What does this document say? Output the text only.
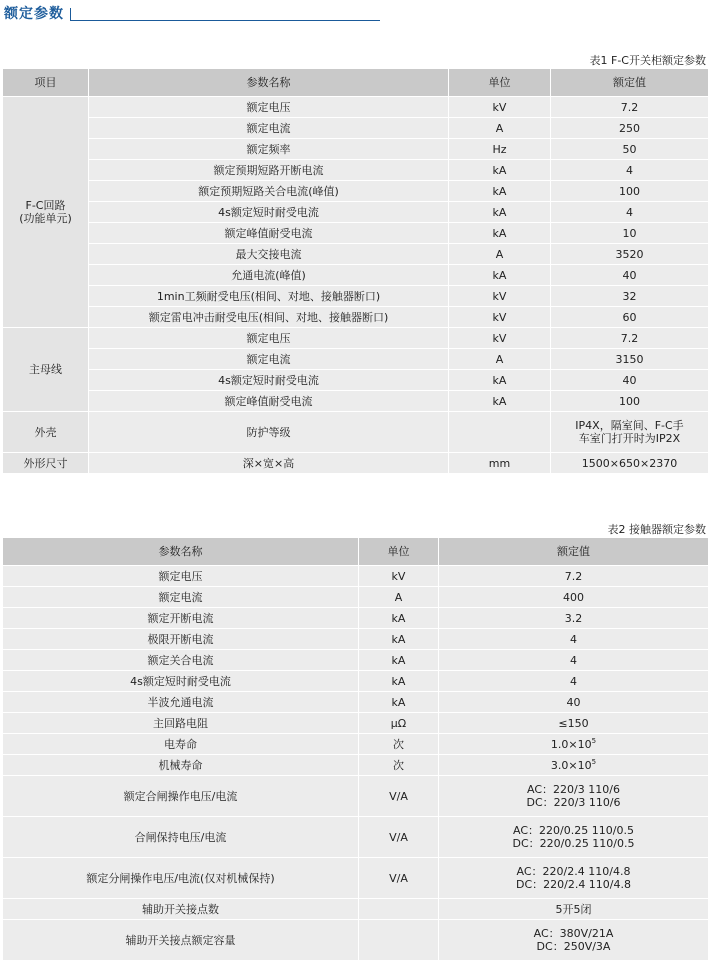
额定参数
表1 F-C开关柜额定参数
项目	参数名称	单位	额定值

F-C回路
(功能单元)	额定电压	kV	7.2
	额定电流	A	250
	额定频率	Hz	50
	额定预期短路开断电流	kA	4
	额定预期短路关合电流(峰值)	kA	100
	4s额定短时耐受电流	kA	4
	额定峰值耐受电流	kA	10
	最大交接电流	A	3520
	允通电流(峰值)	kA	40
	1min工频耐受电压(相间、对地、接触器断口)	kV	32
	额定雷电冲击耐受电压(相间、对地、接触器断口)	kV	60
主母线	额定电压	kV	7.2
	额定电流	A	3150
	4s额定短时耐受电流	kA	40
	额定峰值耐受电流	kA	100
外壳	防护等级		IP4X，隔室间、F-C手
车室门打开时为IP2X

外形尺寸	深×宽×高	mm	1500×650×2370
表2 接触器额定参数
参数名称	单位	额定值
额定电压	kV	7.2
额定电流	A	400
额定开断电流	kA	3.2
极限开断电流	kA	4
额定关合电流	kA	4
4s额定短时耐受电流	kA	4
半波允通电流	kA	40
主回路电阻	μΩ	≤150
电寿命	次	$1.0\times 10^5$
机械寿命	次	$3.0\times 10^5$
额定合闸操作电压/电流	V/A	AC：220/3 110/6
DC：220/3 110/6

合闸保持电压/电流	V/A	AC：220/0.25 110/0.5
DC：220/0.25 110/0.5

额定分闸操作电压/电流(仅对机械保持)	V/A	AC：220/2.4 110/4.8
DC：220/2.4 110/4.8

辅助开关接点数		5开5闭
辅助开关接点额定容量		AC：380V/21A
DC：250V/3A
